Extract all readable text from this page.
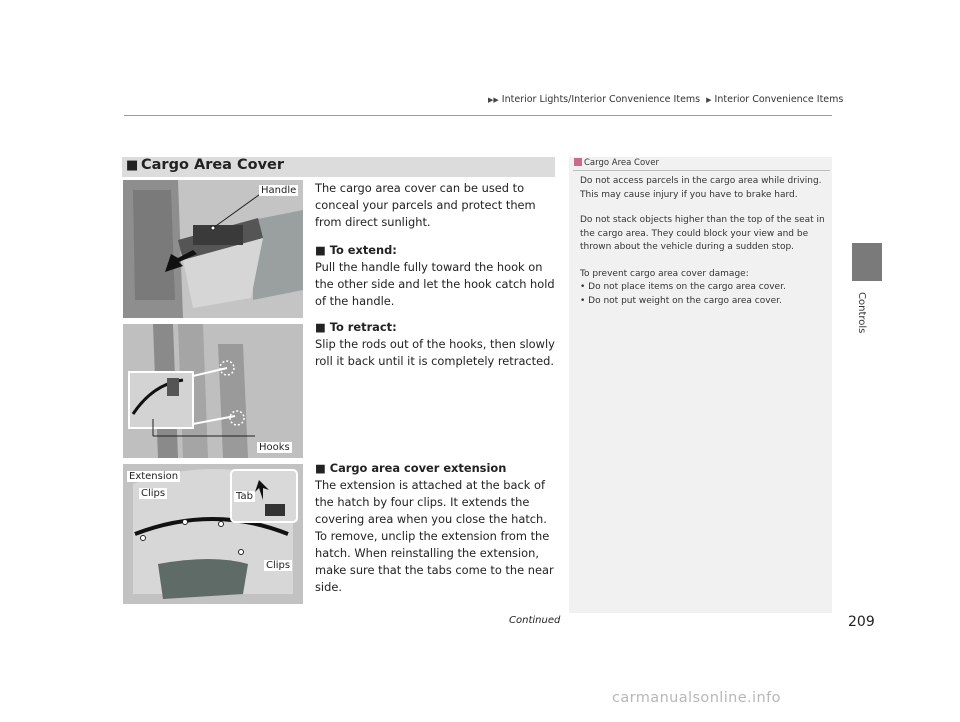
▶▶ Interior Lights/Interior Convenience Items ▶ Interior Convenience Items
Controls
■ Cargo Area Cover
Handle
Hooks
Extension
Clips	Tab
Clips
The cargo area cover can be used to conceal your parcels and protect them from direct sunlight.
■ To extend:
Pull the handle fully toward the hook on the other side and let the hook catch hold of the handle.
■ To retract:
Slip the rods out of the hooks, then slowly roll it back until it is completely retracted.
■ Cargo area cover extension
The extension is attached at the back of the hatch by four clips. It extends the covering area when you close the hatch. To remove, unclip the extension from the hatch. When reinstalling the extension, make sure that the tabs come to the near side.
Cargo Area Cover
Do not access parcels in the cargo area while driving. This may cause injury if you have to brake hard.
Do not stack objects higher than the top of the seat in the cargo area. They could block your view and be thrown about the vehicle during a sudden stop.
To prevent cargo area cover damage:
• Do not place items on the cargo area cover.
• Do not put weight on the cargo area cover.
Continued	209
carmanualsonline.info
